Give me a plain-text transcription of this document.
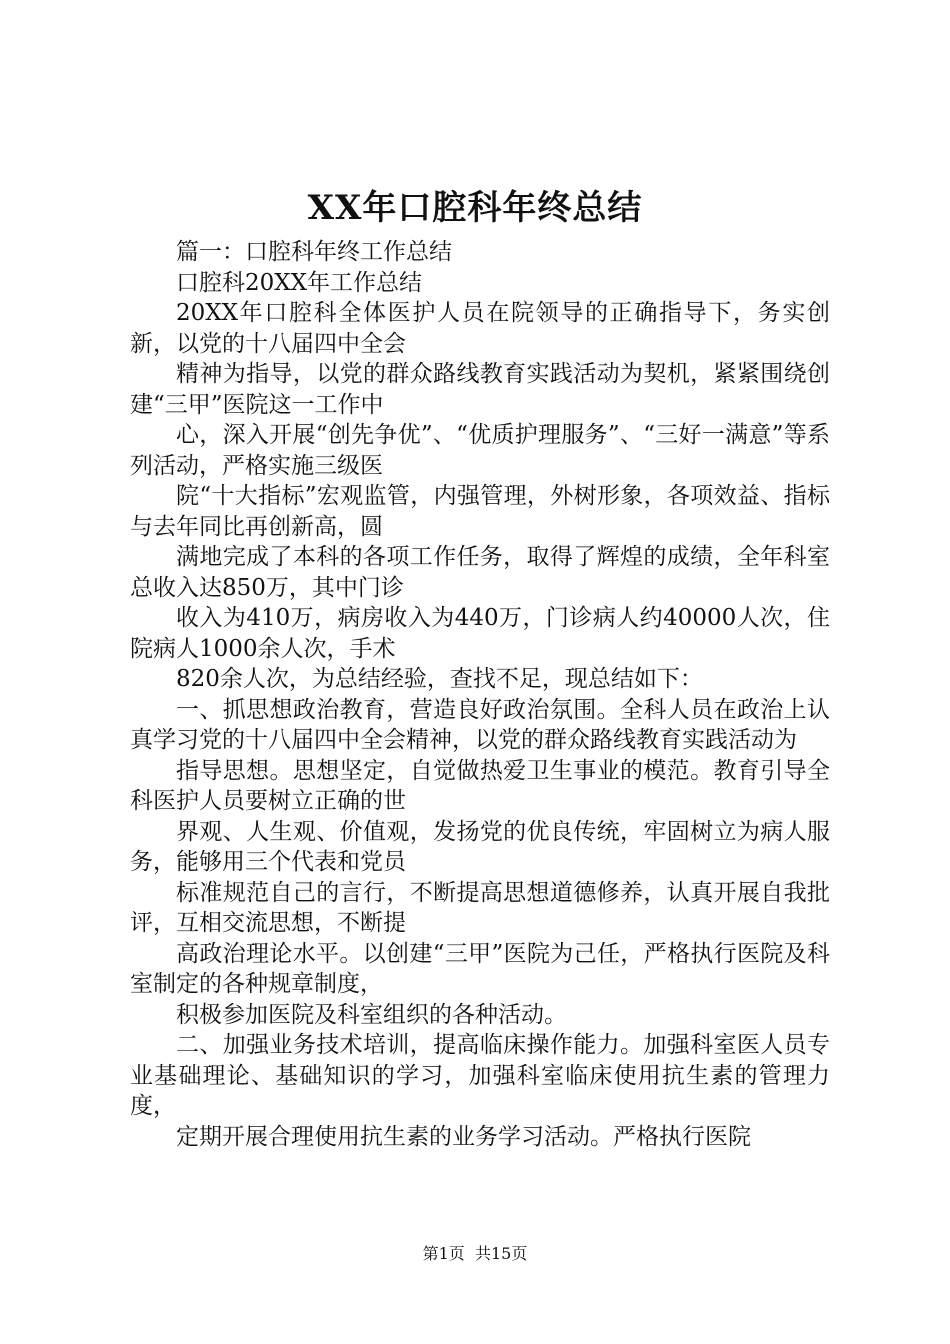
XX年口腔科年终总结

篇一：口腔科年终工作总结

口腔科20XX年工作总结

20XX年口腔科全体医护人员在院领导的正确指导下，务实创新，以党的十八届四中全会

精神为指导，以党的群众路线教育实践活动为契机，紧紧围绕创建“三甲”医院这一工作中

心，深入开展“创先争优”、“优质护理服务”、“三好一满意”等系列活动，严格实施三级医

院“十大指标”宏观监管，内强管理，外树形象，各项效益、指标与去年同比再创新高，圆

满地完成了本科的各项工作任务，取得了辉煌的成绩，全年科室总收入达850万，其中门诊

收入为410万，病房收入为440万，门诊病人约40000人次，住院病人1000余人次，手术

820余人次，为总结经验，查找不足，现总结如下：

一、抓思想政治教育，营造良好政治氛围。全科人员在政治上认真学习党的十八届四中全会精神，以党的群众路线教育实践活动为

指导思想。思想坚定，自觉做热爱卫生事业的模范。教育引导全科医护人员要树立正确的世

界观、人生观、价值观，发扬党的优良传统，牢固树立为病人服务，能够用三个代表和党员

标准规范自己的言行，不断提高思想道德修养，认真开展自我批评，互相交流思想，不断提

高政治理论水平。以创建“三甲”医院为己任，严格执行医院及科室制定的各种规章制度，

积极参加医院及科室组织的各种活动。

二、加强业务技术培训，提高临床操作能力。加强科室医人员专业基础理论、基础知识的学习，加强科室临床使用抗生素的管理力度，

定期开展合理使用抗生素的业务学习活动。严格执行医院

第1页 共15页
